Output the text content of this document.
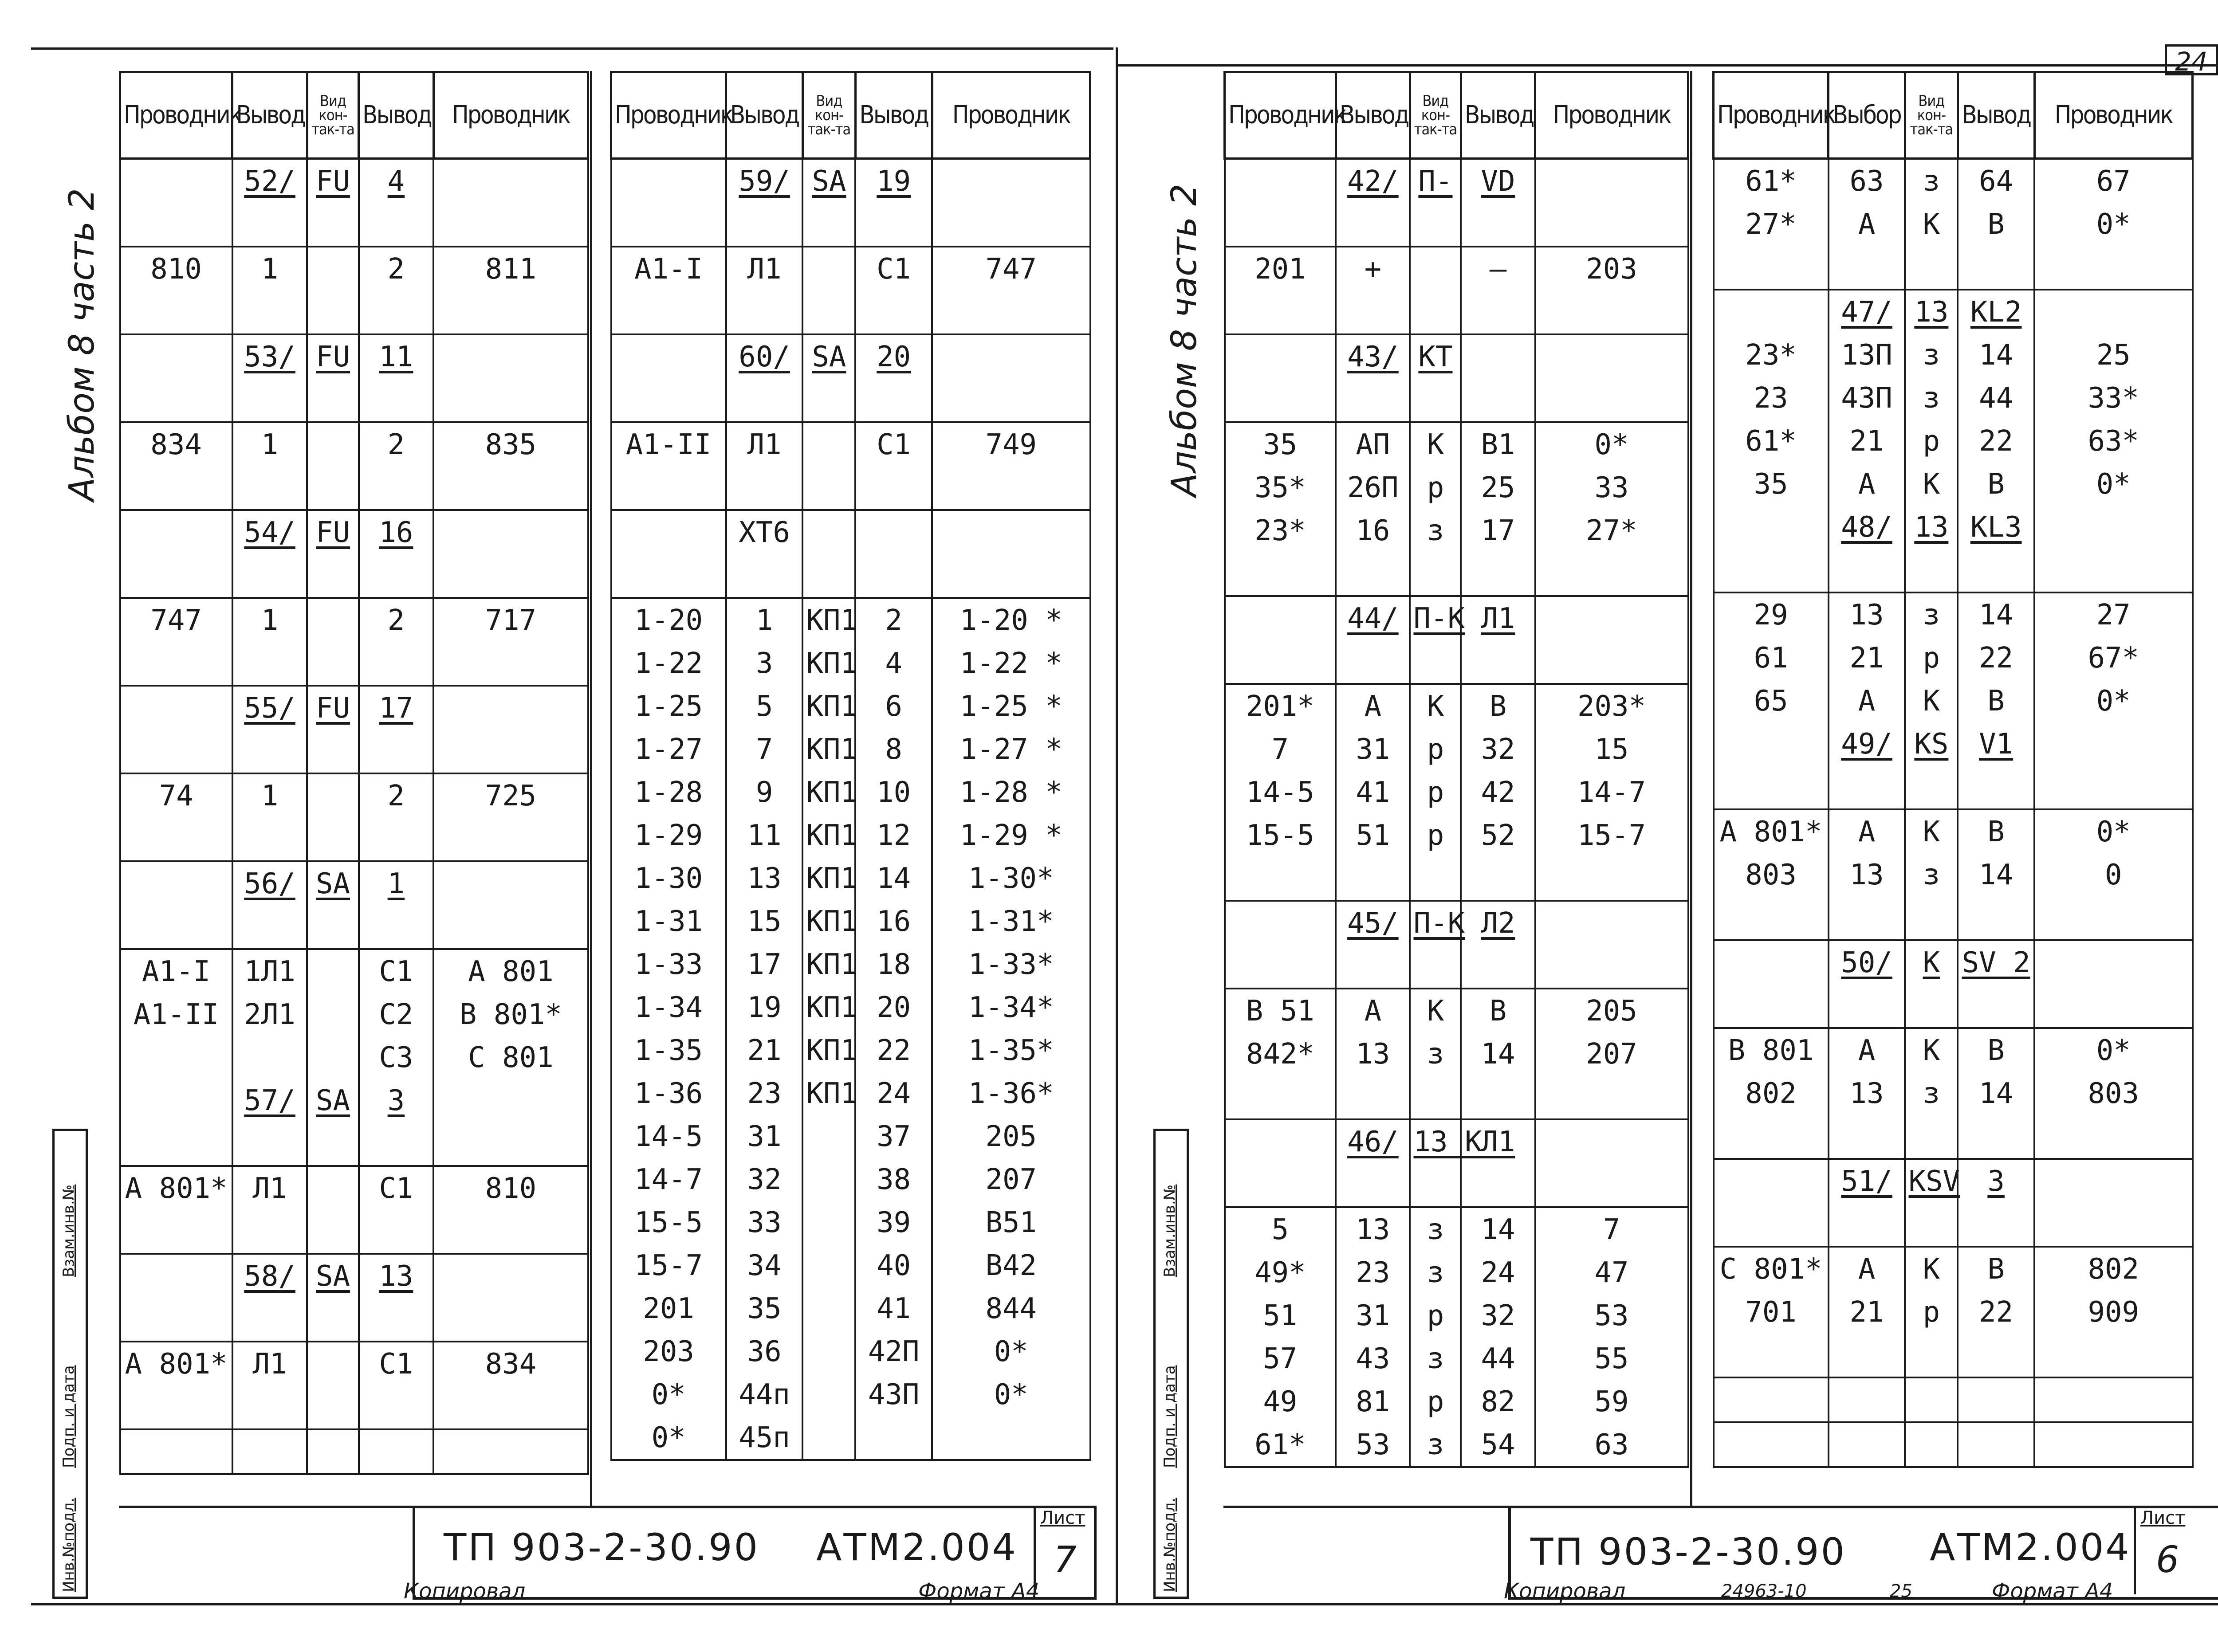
24
Альбом 8 часть 2
Инв.№подл.
Подп. и дата
Взам.инв.№
Проводник	Вывод	Вид кон-так-та	Вывод	Проводник
	52/	FU	4	

810	1		2	811

	53/	FU	11	

834	1		2	835

	54/	FU	16	

747	1		2	717

	55/	FU	17	

74	1		2	725

	56/	SA	1	

A1-I	1Л1		C1	A 801
A1-II	2Л1		C2	B 801*
			C3	C 801
	57/	SA	3	

A 801*	Л1		C1	810

	58/	SA	13	

A 801*	Л1		C1	834

Проводник	Вывод	Вид кон-так-та	Вывод	Проводник
	59/	SA	19	

A1-I	Л1		C1	747

	60/	SA	20	

A1-II	Л1		C1	749

	XT6			

1-20	1	КП1	2	1-20 *
1-22	3	КП1	4	1-22 *
1-25	5	КП1	6	1-25 *
1-27	7	КП1	8	1-27 *
1-28	9	КП1	10	1-28 *
1-29	11	КП1	12	1-29 *
1-30	13	КП1	14	1-30*
1-31	15	КП1	16	1-31*
1-33	17	КП1	18	1-33*
1-34	19	КП1	20	1-34*
1-35	21	КП1	22	1-35*
1-36	23	КП1	24	1-36*
14-5	31		37	205
14-7	32		38	207
15-5	33		39	B51
15-7	34		40	B42
201	35		41	844
203	36		42П	0*
0*	44п		43П	0*
0*	45п			
ТП 903-2-30.90 АТМ2.004
Лист
7
Копировал	Формат А4
Альбом 8 часть 2
Инв.№подл.
Подп. и дата
Взам.инв.№
Проводник	Вывод	Вид кон-так-та	Вывод	Проводник
	42/	П-	VD	

201	+		—	203

	43/	КТ		

35	АП	К	B1	0*
35*	26П	р	25	33
23*	16	з	17	27*

	44/	П-К	Л1	

201*	А	К	В	203*
7	31	р	32	15
14-5	41	р	42	14-7
15-5	51	р	52	15-7

	45/	П-К	Л2	

B 51	А	К	В	205
842*	13	з	14	207

	46/	13 К	Л1	

5	13	з	14	7
49*	23	з	24	47
51	31	р	32	53
57	43	з	44	55
49	81	р	82	59
61*	53	з	54	63
Проводник	Выбор	Вид кон-так-та	Вывод	Проводник
61*	63	з	64	67
27*	А	К	В	0*

	47/	13	KL2	
23*	13П	з	14	25
23	43П	з	44	33*
61*	21	р	22	63*
35	А	К	В	0*
	48/	13	KL3	

29	13	з	14	27
61	21	р	22	67*
65	А	К	В	0*
	49/	KS	V1	

A 801*	А	К	В	0*
803	13	з	14	0

	50/	К	SV 2	

B 801	А	К	В	0*
802	13	з	14	803

	51/	KSV	3	

C 801*	А	К	В	802
701	21	р	22	909

ТП 903-2-30.90 АТМ2.004
Лист
6
Копировал	24963-10	25	Формат А4
